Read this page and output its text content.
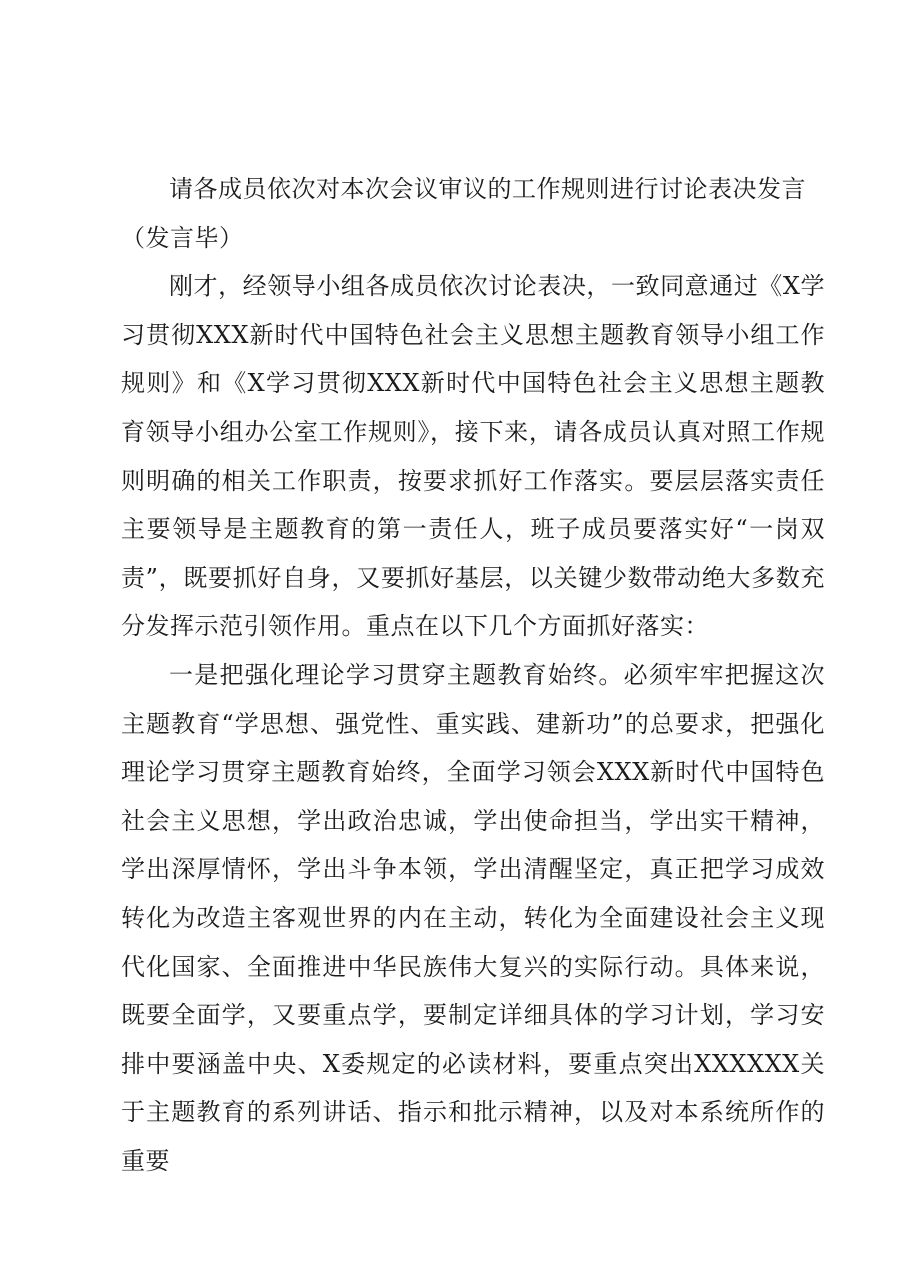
请各成员依次对本次会议审议的工作规则进行讨论表决发言
（发言毕）

刚才，经领导小组各成员依次讨论表决，一致同意通过《X学习贯彻XXX新时代中国特色社会主义思想主题教育领导小组工作规则》和《X学习贯彻XXX新时代中国特色社会主义思想主题教育领导小组办公室工作规则》，接下来，请各成员认真对照工作规则明确的相关工作职责，按要求抓好工作落实。要层层落实责任主要领导是主题教育的第一责任人，班子成员要落实好“一岗双责”，既要抓好自身，又要抓好基层，以关键少数带动绝大多数充分发挥示范引领作用。重点在以下几个方面抓好落实：

一是把强化理论学习贯穿主题教育始终。必须牢牢把握这次主题教育“学思想、强党性、重实践、建新功”的总要求，把强化理论学习贯穿主题教育始终，全面学习领会XXX新时代中国特色社会主义思想，学出政治忠诚，学出使命担当，学出实干精神，学出深厚情怀，学出斗争本领，学出清醒坚定，真正把学习成效转化为改造主客观世界的内在主动，转化为全面建设社会主义现代化国家、全面推进中华民族伟大复兴的实际行动。具体来说，既要全面学，又要重点学，要制定详细具体的学习计划，学习安排中要涵盖中央、X委规定的必读材料，要重点突出XXXXXX关于主题教育的系列讲话、指示和批示精神，以及对本系统所作的重要
